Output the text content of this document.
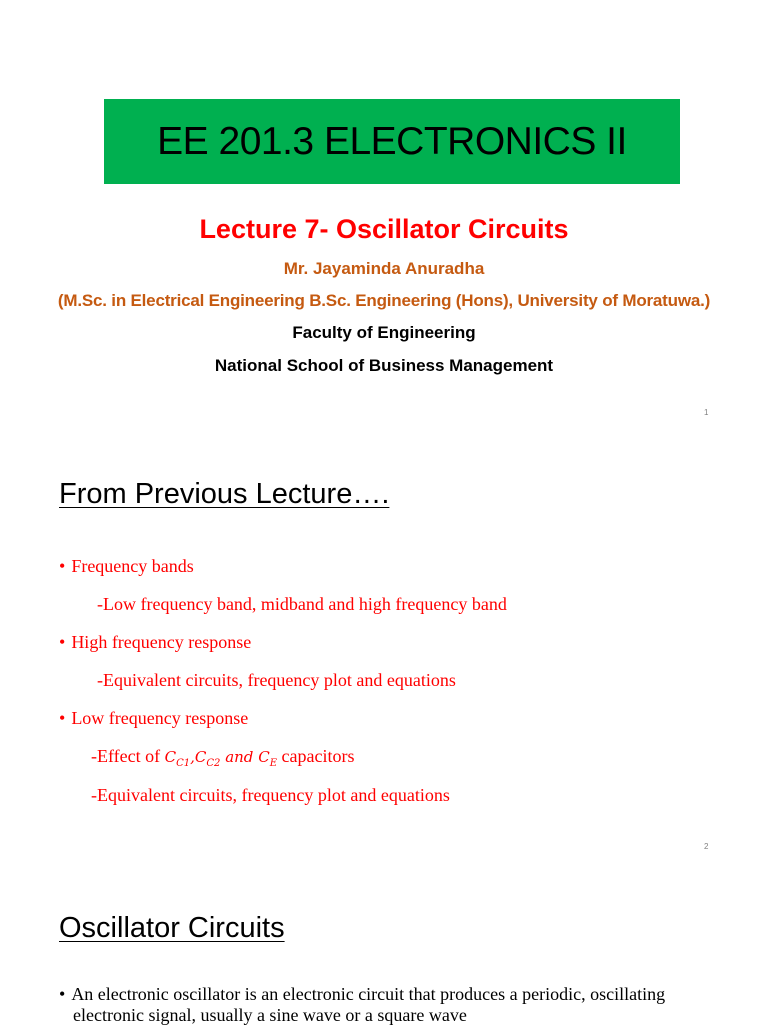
EE 201.3 ELECTRONICS II
Lecture 7- Oscillator Circuits
Mr. Jayaminda Anuradha
(M.Sc. in Electrical Engineering B.Sc. Engineering (Hons), University of Moratuwa.)
Faculty of Engineering
National School of Business Management
1
From Previous Lecture….
• Frequency bands
-Low frequency band, midband and high frequency band
• High frequency response
-Equivalent circuits, frequency plot and equations
• Low frequency response
-Effect of $C_{C1},C_{C2}$ and $C_E$ capacitors
-Equivalent circuits, frequency plot and equations
2
Oscillator Circuits
• An electronic oscillator is an electronic circuit that produces a periodic, oscillating
electronic signal, usually a sine wave or a square wave
